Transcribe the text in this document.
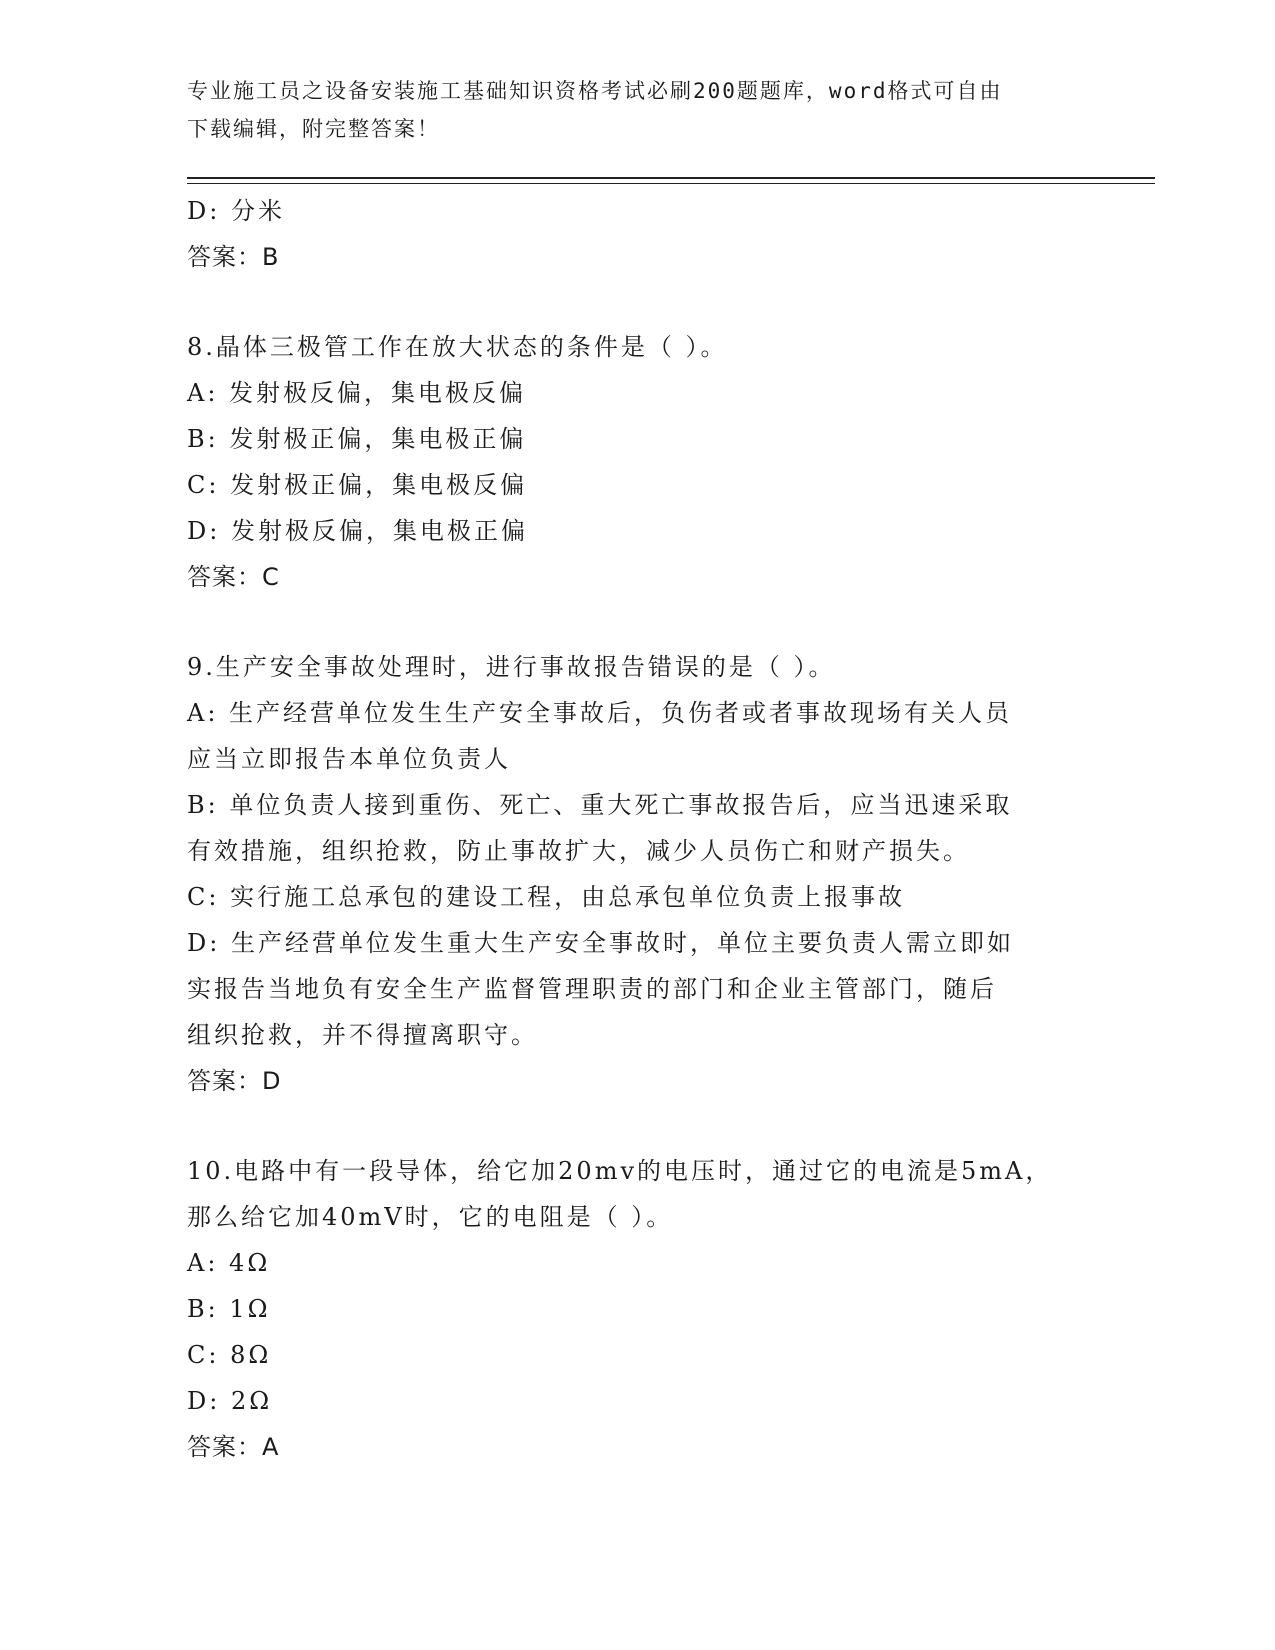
专业施工员之设备安装施工基础知识资格考试必刷200题题库，word格式可自由
下载编辑，附完整答案！
D: 分米
答案：B
8.晶体三极管工作在放大状态的条件是（ ）。
A: 发射极反偏，集电极反偏
B: 发射极正偏，集电极正偏
C: 发射极正偏，集电极反偏
D: 发射极反偏，集电极正偏
答案：C
9.生产安全事故处理时，进行事故报告错误的是（ ）。
A: 生产经营单位发生生产安全事故后，负伤者或者事故现场有关人员
应当立即报告本单位负责人
B: 单位负责人接到重伤、死亡、重大死亡事故报告后，应当迅速采取
有效措施，组织抢救，防止事故扩大，减少人员伤亡和财产损失。
C: 实行施工总承包的建设工程，由总承包单位负责上报事故
D: 生产经营单位发生重大生产安全事故时，单位主要负责人需立即如
实报告当地负有安全生产监督管理职责的部门和企业主管部门，随后
组织抢救，并不得擅离职守。
答案：D
10.电路中有一段导体，给它加20mv的电压时，通过它的电流是5mA，
那么给它加40mV时，它的电阻是（ ）。
A: 4Ω
B: 1Ω
C: 8Ω
D: 2Ω
答案：A
